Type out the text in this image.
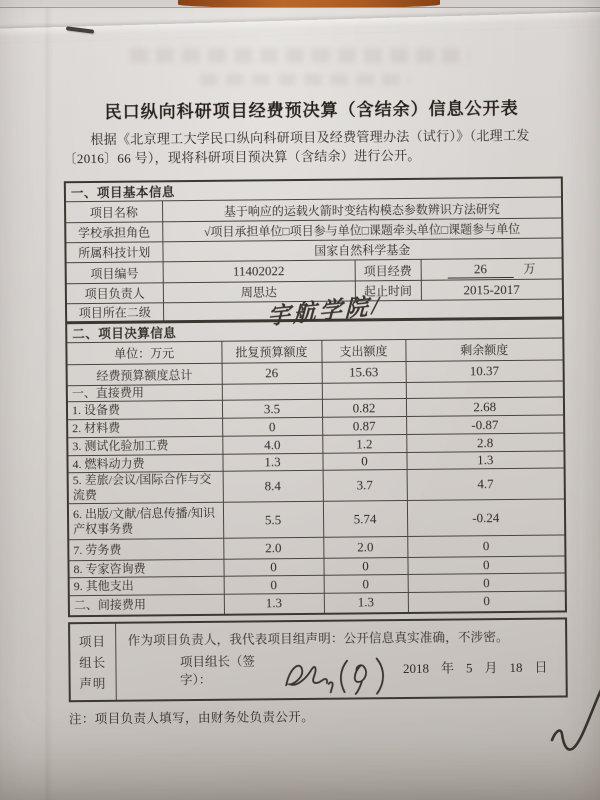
民口纵向科研项目经费预决算（含结余）信息公开表
根据《北京理工大学民口纵向科研项目及经费管理办法（试行）》（北理工发
〔2016〕66 号），现将科研项目预决算（含结余）进行公开。
一、项目基本信息			
项目名称	基于响应的运载火箭时变结构模态参数辨识方法研究		
学校承担角色	√项目承担单位□项目参与单位□课题牵头单位□课题参与单位		
所属科技计划	国家自然科学基金		
项目编号	11402022	项目经费	26 万
项目负责人	周思达	起止时间	2015-2017
项目所在二级	宇航学院 /
二、项目决算信息			
单位：万元	批复预算额度	支出额度	剩余额度
经费预算额度总计	26	15.63	10.37
一、直接费用			
1. 设备费	3.5	0.82	2.68
2. 材料费	0	0.87	-0.87
3. 测试化验加工费	4.0	1.2	2.8
4. 燃料动力费	1.3	0	1.3
5. 差旅/会议/国际合作与交流费	8.4	3.7	4.7
6. 出版/文献/信息传播/知识产权事务费	5.5	5.74	-0.24
7. 劳务费	2.0	2.0	0
8. 专家咨询费	0	0	0
9. 其他支出	0	0	0
二、间接费用	1.3	1.3	0
项目
组长
声明

作为项目负责人，我代表项目组声明：公开信息真实准确，不涉密。
项目组长（签字）：
2018 年 5 月 18 日
注：项目负责人填写，由财务处负责公开。
